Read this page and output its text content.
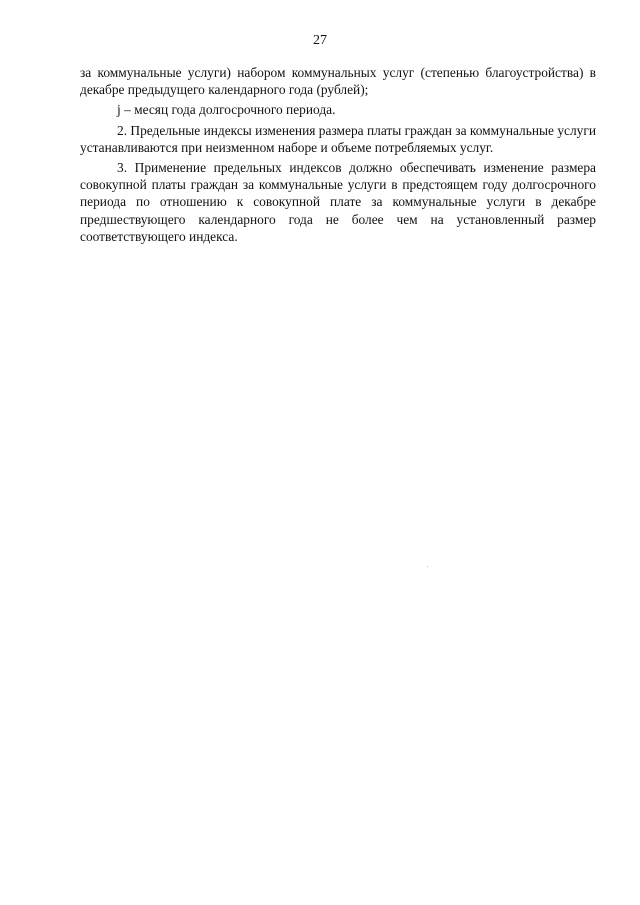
27

за коммунальные услуги) набором коммунальных услуг (степенью благоустройства) в декабре предыдущего календарного года (рублей);

j – месяц года долгосрочного периода.

2. Предельные индексы изменения размера платы граждан за коммунальные услуги устанавливаются при неизменном наборе и объеме потребляемых услуг.

3. Применение предельных индексов должно обеспечивать изменение размера совокупной платы граждан за коммунальные услуги в предстоящем году долгосрочного периода по отношению к совокупной плате за коммунальные услуги в декабре предшествующего календарного года не более чем на установленный размер соответствующего индекса.
